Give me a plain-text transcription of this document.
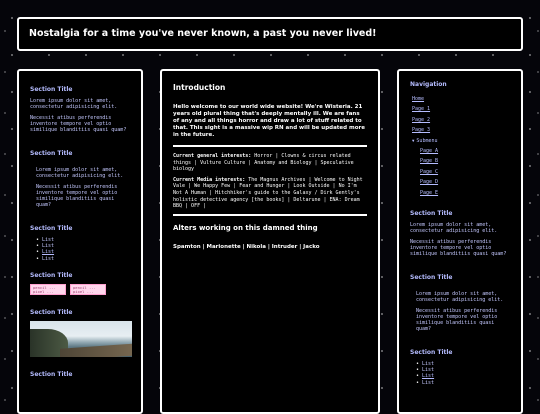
Nostalgia for a time you've never known, a past you never lived!
Section Title
Lorem ipsum dolor sit amet, consectetur adipisicing elit.
Necessit atibus perferendis inventore tempore vel optio similique blanditiis quasi quam?
Section Title
Lorem ipsum dolor sit amet, consectetur adipisicing elit.
Necessit atibus perferendis inventore tempore vel optio similique blanditiis quasi quam?
Section Title
• List
• List
• List
• List
Section Title
pencil ... pixel ...
pencil ... pixel ...
Section Title
Section Title
Introduction

Hello welcome to our world wide website! We're Wisteria. 21 years old plural thing that's deeply mentally ill. We are fans of any and all things horror and draw a lot of stuff related to that. This sight is a massive wip RN and will be updated more in the future.

Current general interests: Horror | Clowns & circus related things | Vulture Culture | Anatomy and Biology | Speculative biology

Current Media interests: The Magnus Archives | Welcome to Night Vale | We Happy Few | Fear and Hunger | Look Outside | No I'm Not A Human | Hitchhiker's guide to the Galaxy / Dirk Gently's holistic detective agency [the books] | Deltarune | ENA: Dream BBQ | OFF |

Alters working on this damned thing

Spamton | Marionette | Nikola | Intruder | Jacko

Navigation
Home
Page 1
Page 2
Page 3
▼ Submenu
Page A
Page B
Page C
Page D
Page E
Section Title
Lorem ipsum dolor sit amet, consectetur adipisicing elit.
Necessit atibus perferendis inventore tempore vel optio similique blanditiis quasi quam?
Section Title
Lorem ipsum dolor sit amet, consectetur adipisicing elit.
Necessit atibus perferendis inventore tempore vel optio similique blanditiis quasi quam?
Section Title
• List
• List
• List
• List
